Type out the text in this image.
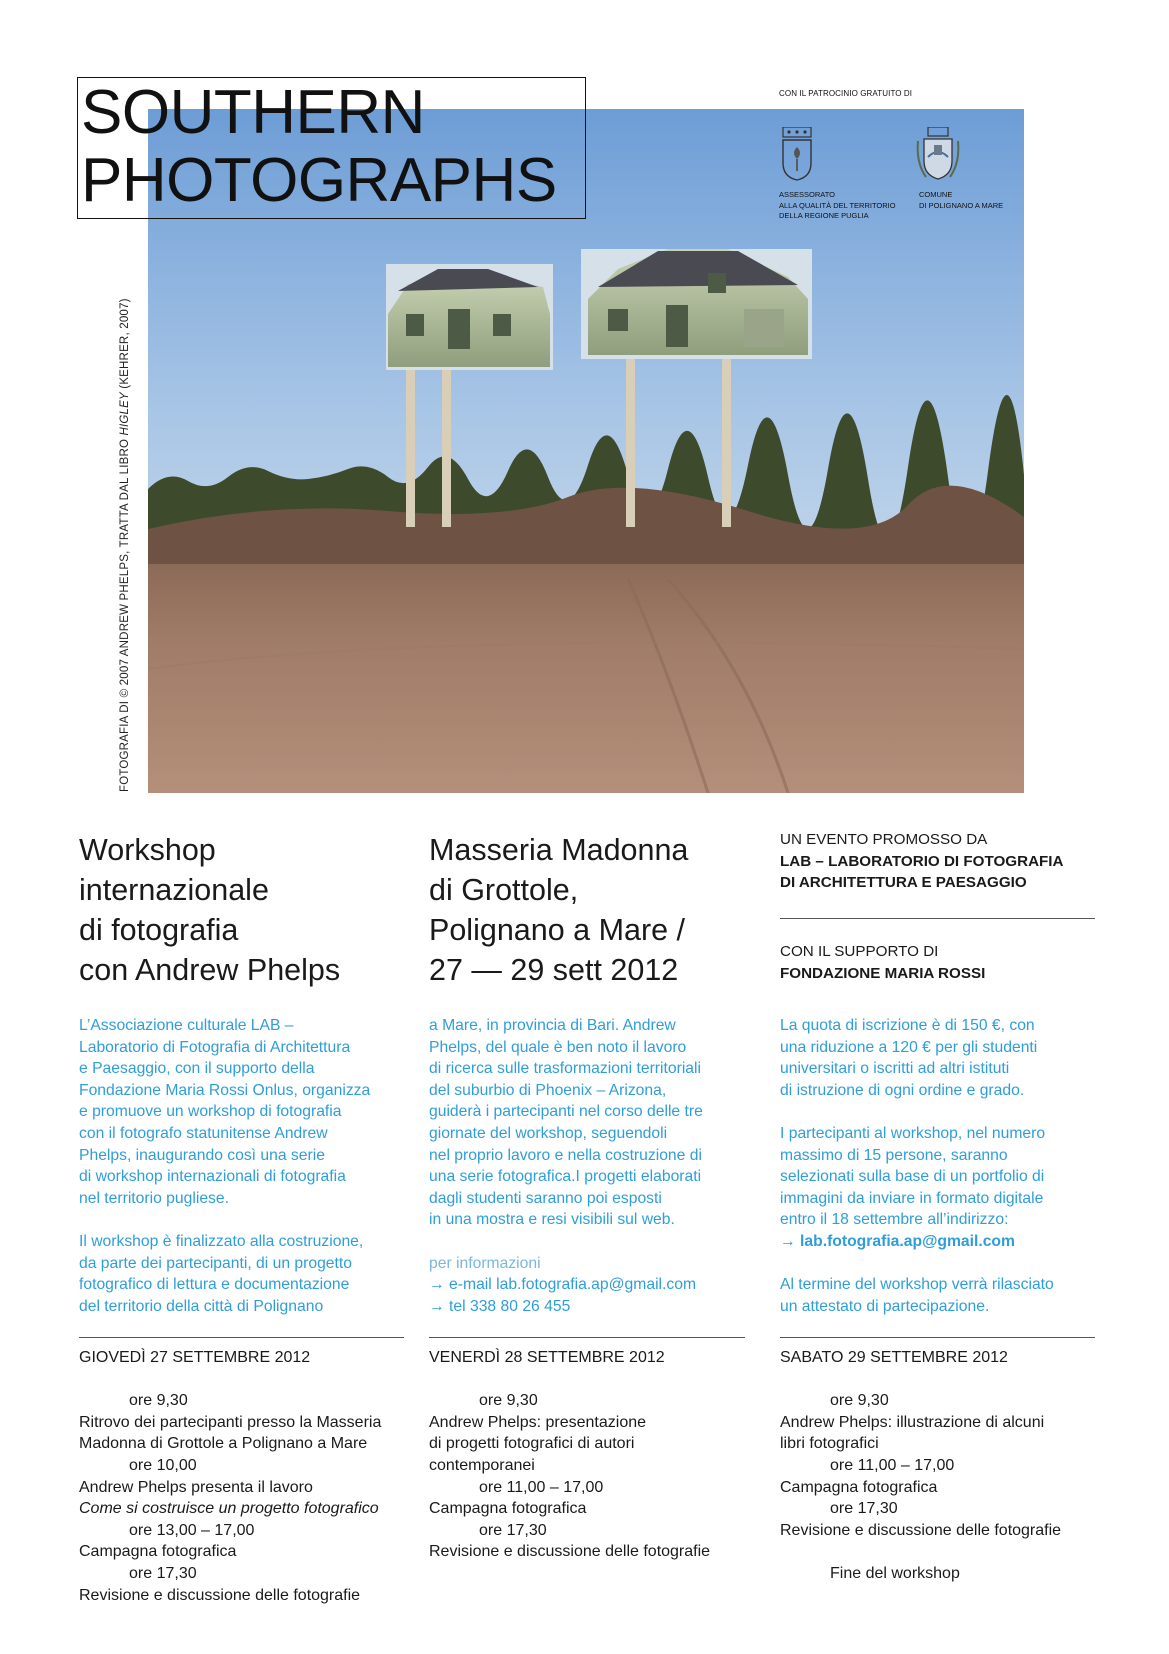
SOUTHERN
PHOTOGRAPHS
FOTOGRAFIA DI © 2007 ANDREW PHELPS, TRATTA DAL LIBRO HIGLEY (KEHRER, 2007)
CON IL PATROCINIO GRATUITO DI
ASSESSORATO
ALLA QUALITÀ DEL TERRITORIO
DELLA REGIONE PUGLIA
COMUNE
DI POLIGNANO A MARE
Workshop
internazionale
di fotografia
con Andrew Phelps
L’Associazione culturale LAB –
Laboratorio di Fotografia di Architettura
e Paesaggio, con il supporto della
Fondazione Maria Rossi Onlus, organizza
e promuove un workshop di fotografia
con il fotografo statunitense Andrew
Phelps, inaugurando così una serie
di workshop internazionali di fotografia
nel territorio pugliese.
Il workshop è finalizzato alla costruzione,
da parte dei partecipanti, di un progetto
fotografico di lettura e documentazione
del territorio della città di Polignano
GIOVEDÌ 27 SETTEMBRE 2012
ore 9,30
Ritrovo dei partecipanti presso la Masseria
Madonna di Grottole a Polignano a Mare
ore 10,00
Andrew Phelps presenta il lavoro
Come si costruisce un progetto fotografico
ore 13,00 – 17,00
Campagna fotografica
ore 17,30
Revisione e discussione delle fotografie
Masseria Madonna
di Grottole,
Polignano a Mare /
27 — 29 sett 2012
a Mare, in provincia di Bari. Andrew
Phelps, del quale è ben noto il lavoro
di ricerca sulle trasformazioni territoriali
del suburbio di Phoenix – Arizona,
guiderà i partecipanti nel corso delle tre
giornate del workshop, seguendoli
nel proprio lavoro e nella costruzione di
una serie fotografica.I progetti elaborati
dagli studenti saranno poi esposti
in una mostra e resi visibili sul web.
per informazioni
→ e-mail lab.fotografia.ap@gmail.com
→ tel 338 80 26 455
VENERDÌ 28 SETTEMBRE 2012
ore 9,30
Andrew Phelps: presentazione
di progetti fotografici di autori
contemporanei
ore 11,00 – 17,00
Campagna fotografica
ore 17,30
Revisione e discussione delle fotografie
UN EVENTO PROMOSSO DA
LAB – LABORATORIO DI FOTOGRAFIA
DI ARCHITETTURA E PAESAGGIO
CON IL SUPPORTO DI
FONDAZIONE MARIA ROSSI
La quota di iscrizione è di 150 €, con
una riduzione a 120 € per gli studenti
universitari o iscritti ad altri istituti
di istruzione di ogni ordine e grado.
I partecipanti al workshop, nel numero
massimo di 15 persone, saranno
selezionati sulla base di un portfolio di
immagini da inviare in formato digitale
entro il 18 settembre all’indirizzo:
→ lab.fotografia.ap@gmail.com
Al termine del workshop verrà rilasciato
un attestato di partecipazione.
SABATO 29 SETTEMBRE 2012
ore 9,30
Andrew Phelps: illustrazione di alcuni
libri fotografici
ore 11,00 – 17,00
Campagna fotografica
ore 17,30
Revisione e discussione delle fotografie
Fine del workshop
